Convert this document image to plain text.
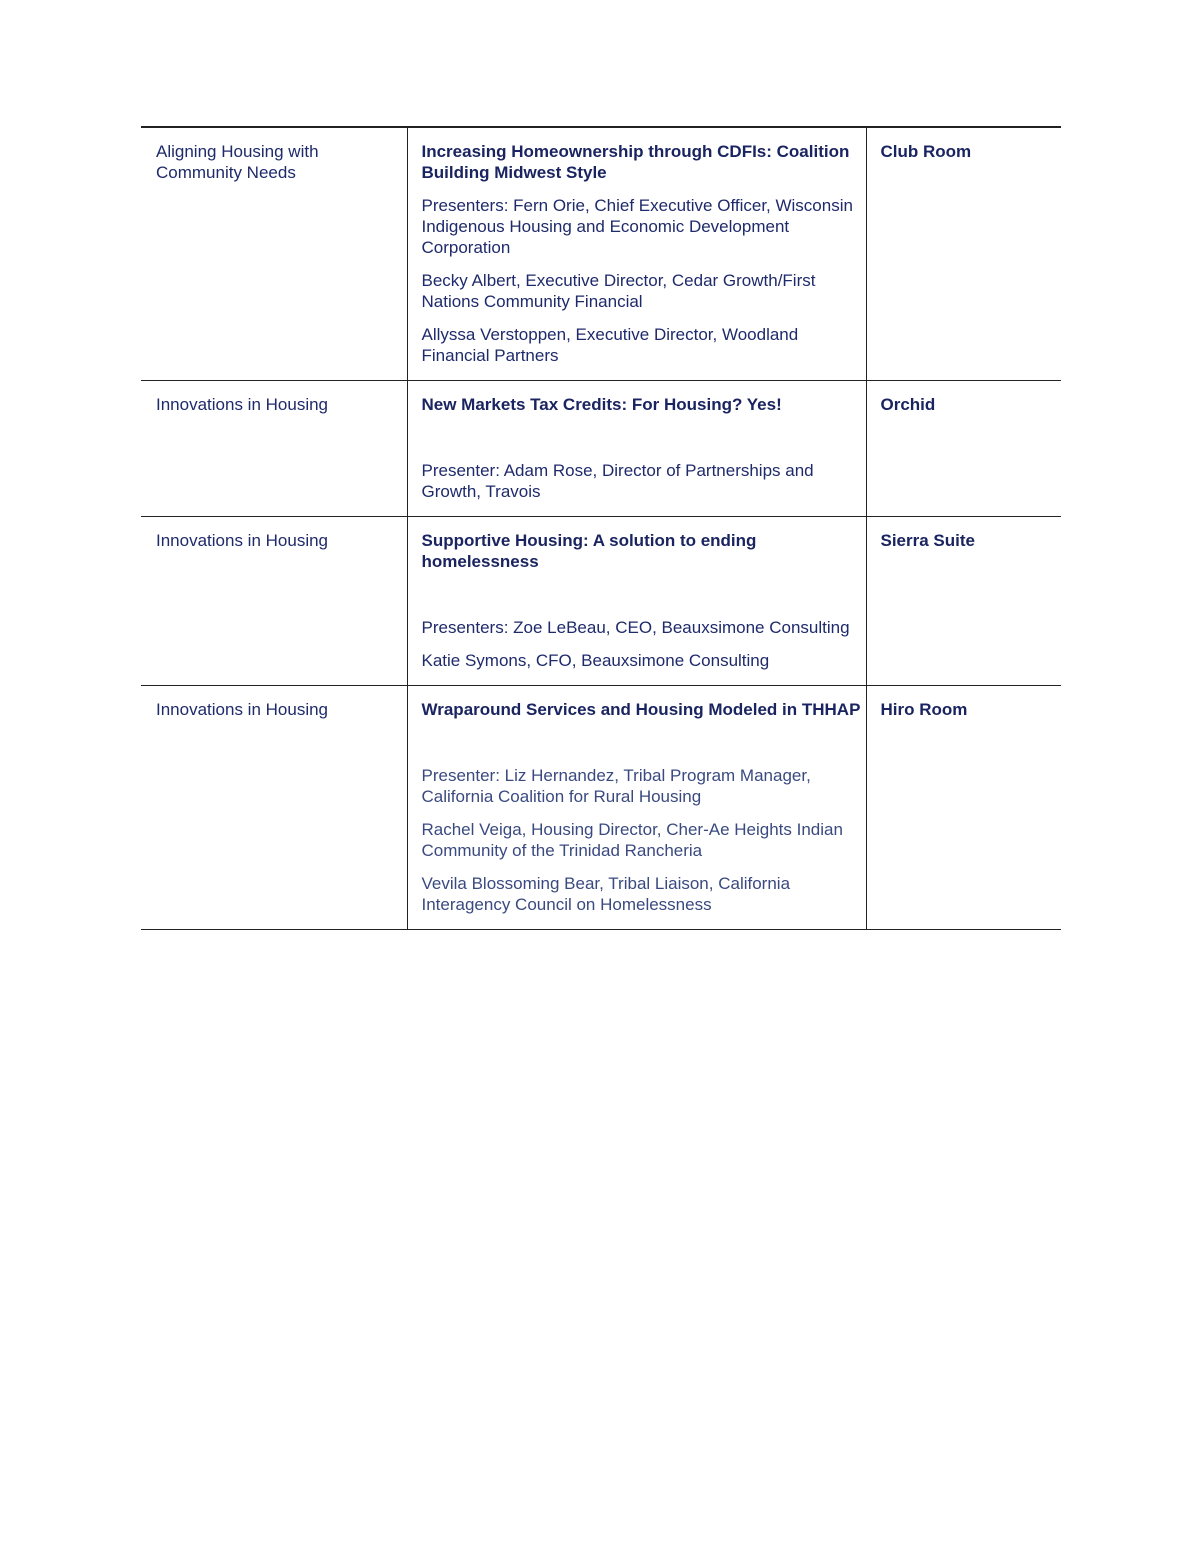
Aligning Housing with Community Needs	Increasing Homeownership through CDFIs: Coalition Building Midwest Style
Presenters: Fern Orie, Chief Executive Officer, Wisconsin Indigenous Housing and Economic Development Corporation
Becky Albert, Executive Director, Cedar Growth/First Nations Community Financial
Allyssa Verstoppen, Executive Director, Woodland Financial Partners	Club Room

Innovations in Housing	New Markets Tax Credits: For Housing? Yes!
Presenter: Adam Rose, Director of Partnerships and Growth, Travois	Orchid

Innovations in Housing	Supportive Housing: A solution to ending homelessness
Presenters: Zoe LeBeau, CEO, Beauxsimone Consulting
Katie Symons, CFO, Beauxsimone Consulting	Sierra Suite

Innovations in Housing	Wraparound Services and Housing Modeled in THHAP
Presenter: Liz Hernandez, Tribal Program Manager, California Coalition for Rural Housing
Rachel Veiga, Housing Director, Cher-Ae Heights Indian Community of the Trinidad Rancheria
Vevila Blossoming Bear, Tribal Liaison, California Interagency Council on Homelessness	Hiro Room
